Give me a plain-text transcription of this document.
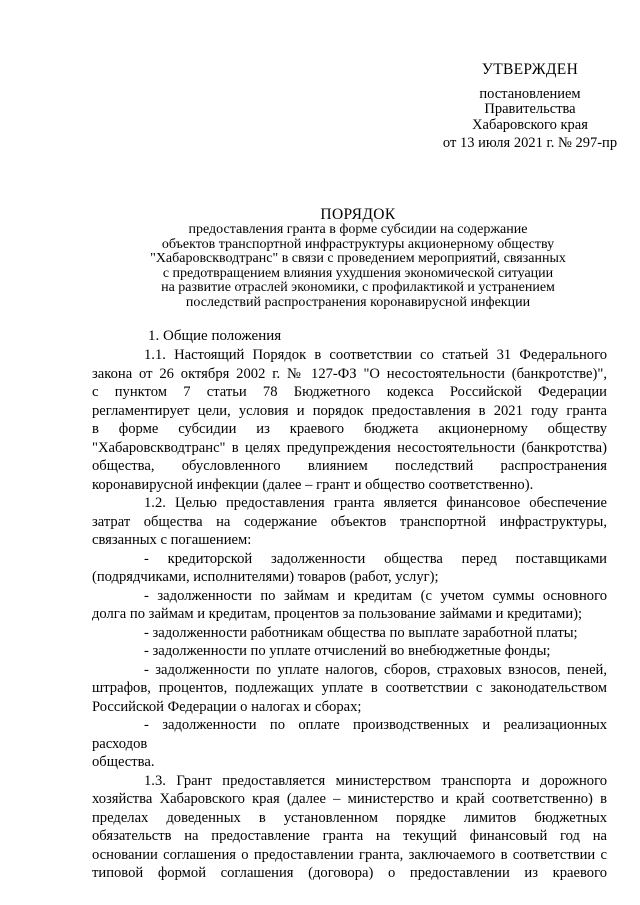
УТВЕРЖДЕН
постановлением
Правительства
Хабаровского края
от 13 июля 2021 г. № 297-пр
ПОРЯДОК
предоставления гранта в форме субсидии на содержание
объектов транспортной инфраструктуры акционерному обществу
"Хабаровскводтранс" в связи с проведением мероприятий, связанных
с предотвращением влияния ухудшения экономической ситуации
на развитие отраслей экономики, с профилактикой и устранением
последствий распространения коронавирусной инфекции
1. Общие положения

1.1. Настоящий Порядок в соответствии со статьей 31 Федерального

закона от 26 октября 2002 г. № 127-ФЗ "О несостоятельности (банкротстве)",

с пунктом 7 статьи 78 Бюджетного кодекса Российской Федерации

регламентирует цели, условия и порядок предоставления в 2021 году гранта

в форме субсидии из краевого бюджета акционерному обществу

"Хабаровскводтранс" в целях предупреждения несостоятельности (банкротства)

общества, обусловленного влиянием последствий распространения

коронавирусной инфекции (далее – грант и общество соответственно).

1.2. Целью предоставления гранта является финансовое обеспечение

затрат общества на содержание объектов транспортной инфраструктуры,

связанных с погашением:

- кредиторской задолженности общества перед поставщиками

(подрядчиками, исполнителями) товаров (работ, услуг);

- задолженности по займам и кредитам (с учетом суммы основного

долга по займам и кредитам, процентов за пользование займами и кредитами);

- задолженности работникам общества по выплате заработной платы;

- задолженности по уплате отчислений во внебюджетные фонды;

- задолженности по уплате налогов, сборов, страховых взносов, пеней,

штрафов, процентов, подлежащих уплате в соответствии с законодательством

Российской Федерации о налогах и сборах;

- задолженности по оплате производственных и реализационных расходов

общества.

1.3. Грант предоставляется министерством транспорта и дорожного

хозяйства Хабаровского края (далее – министерство и край соответственно) в

пределах доведенных в установленном порядке лимитов бюджетных

обязательств на предоставление гранта на текущий финансовый год на

основании соглашения о предоставлении гранта, заключаемого в соответствии с

типовой формой соглашения (договора) о предоставлении из краевого
